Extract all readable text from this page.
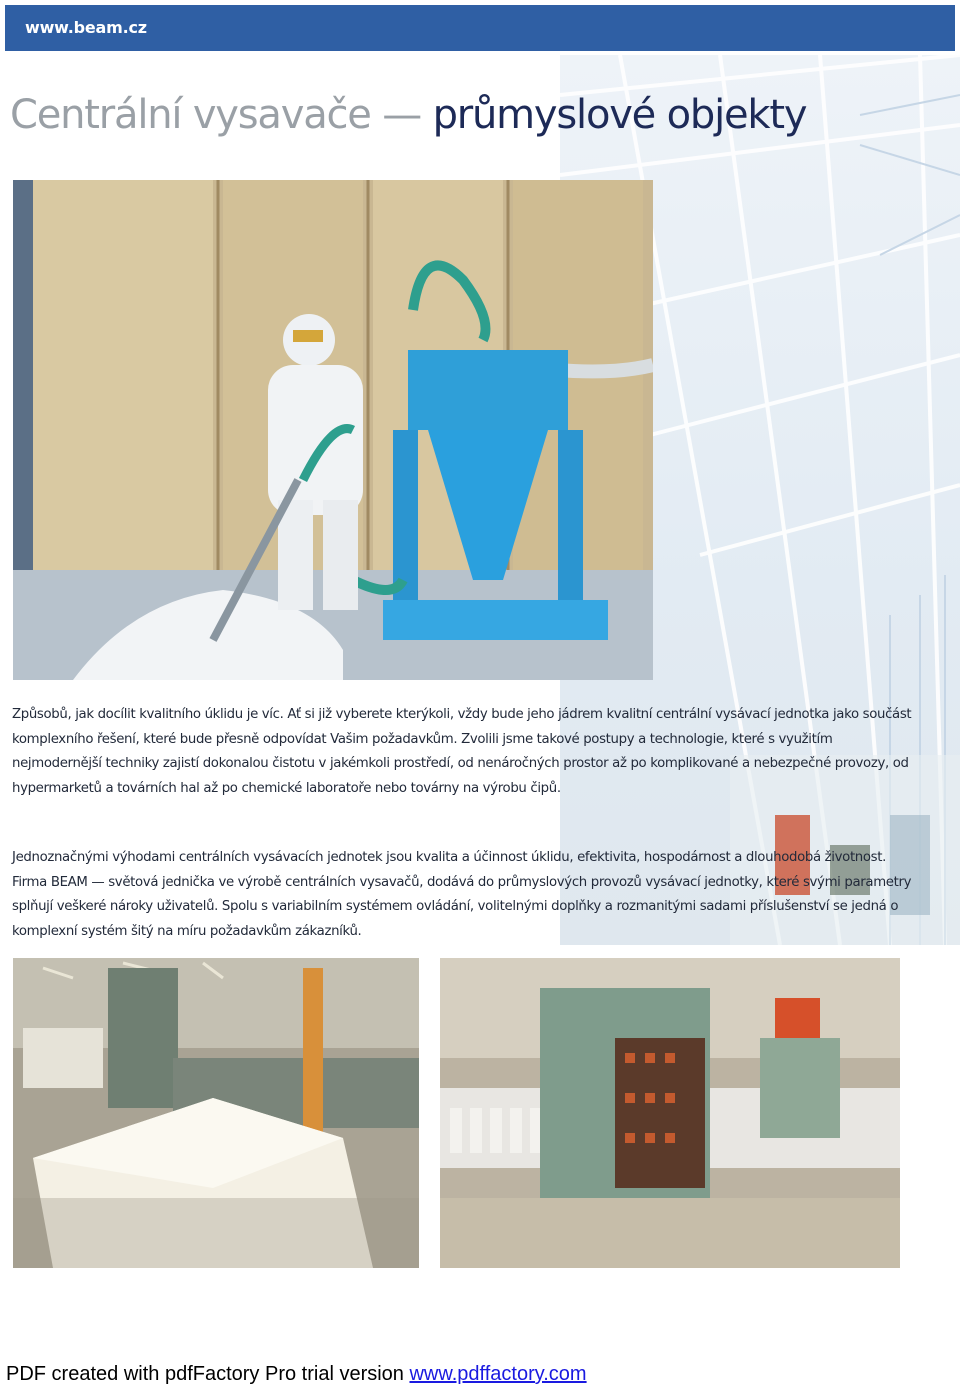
www.beam.cz
Centrální vysavače — průmyslové objekty

Způsobů, jak docílit kvalitního úklidu je víc. Ať si již vyberete kterýkoli, vždy bude jeho jádrem kvalitní centrální vysávací jednotka jako součást komplexního řešení, které bude přesně odpovídat Vašim požadavkům. Zvolili jsme takové postupy a technologie, které s využitím nejmodernější techniky zajistí dokonalou čistotu v jakémkoli prostředí, od nenáročných prostor až po komplikované a nebezpečné provozy, od hypermarketů a továrních hal až po chemické laboratoře nebo továrny na výrobu čipů.

Jednoznačnými výhodami centrálních vysávacích jednotek jsou kvalita a účinnost úklidu, efektivita, hospodárnost a dlouhodobá životnost. Firma BEAM — světová jednička ve výrobě centrálních vysavačů, dodává do průmyslových provozů vysávací jednotky, které svými parametry splňují veškeré nároky uživatelů. Spolu s variabilním systémem ovládání, volitelnými doplňky a rozmanitými sadami příslušenství se jedná o komplexní systém šitý na míru požadavkům zákazníků.

PDF created with pdfFactory Pro trial version www.pdffactory.com
